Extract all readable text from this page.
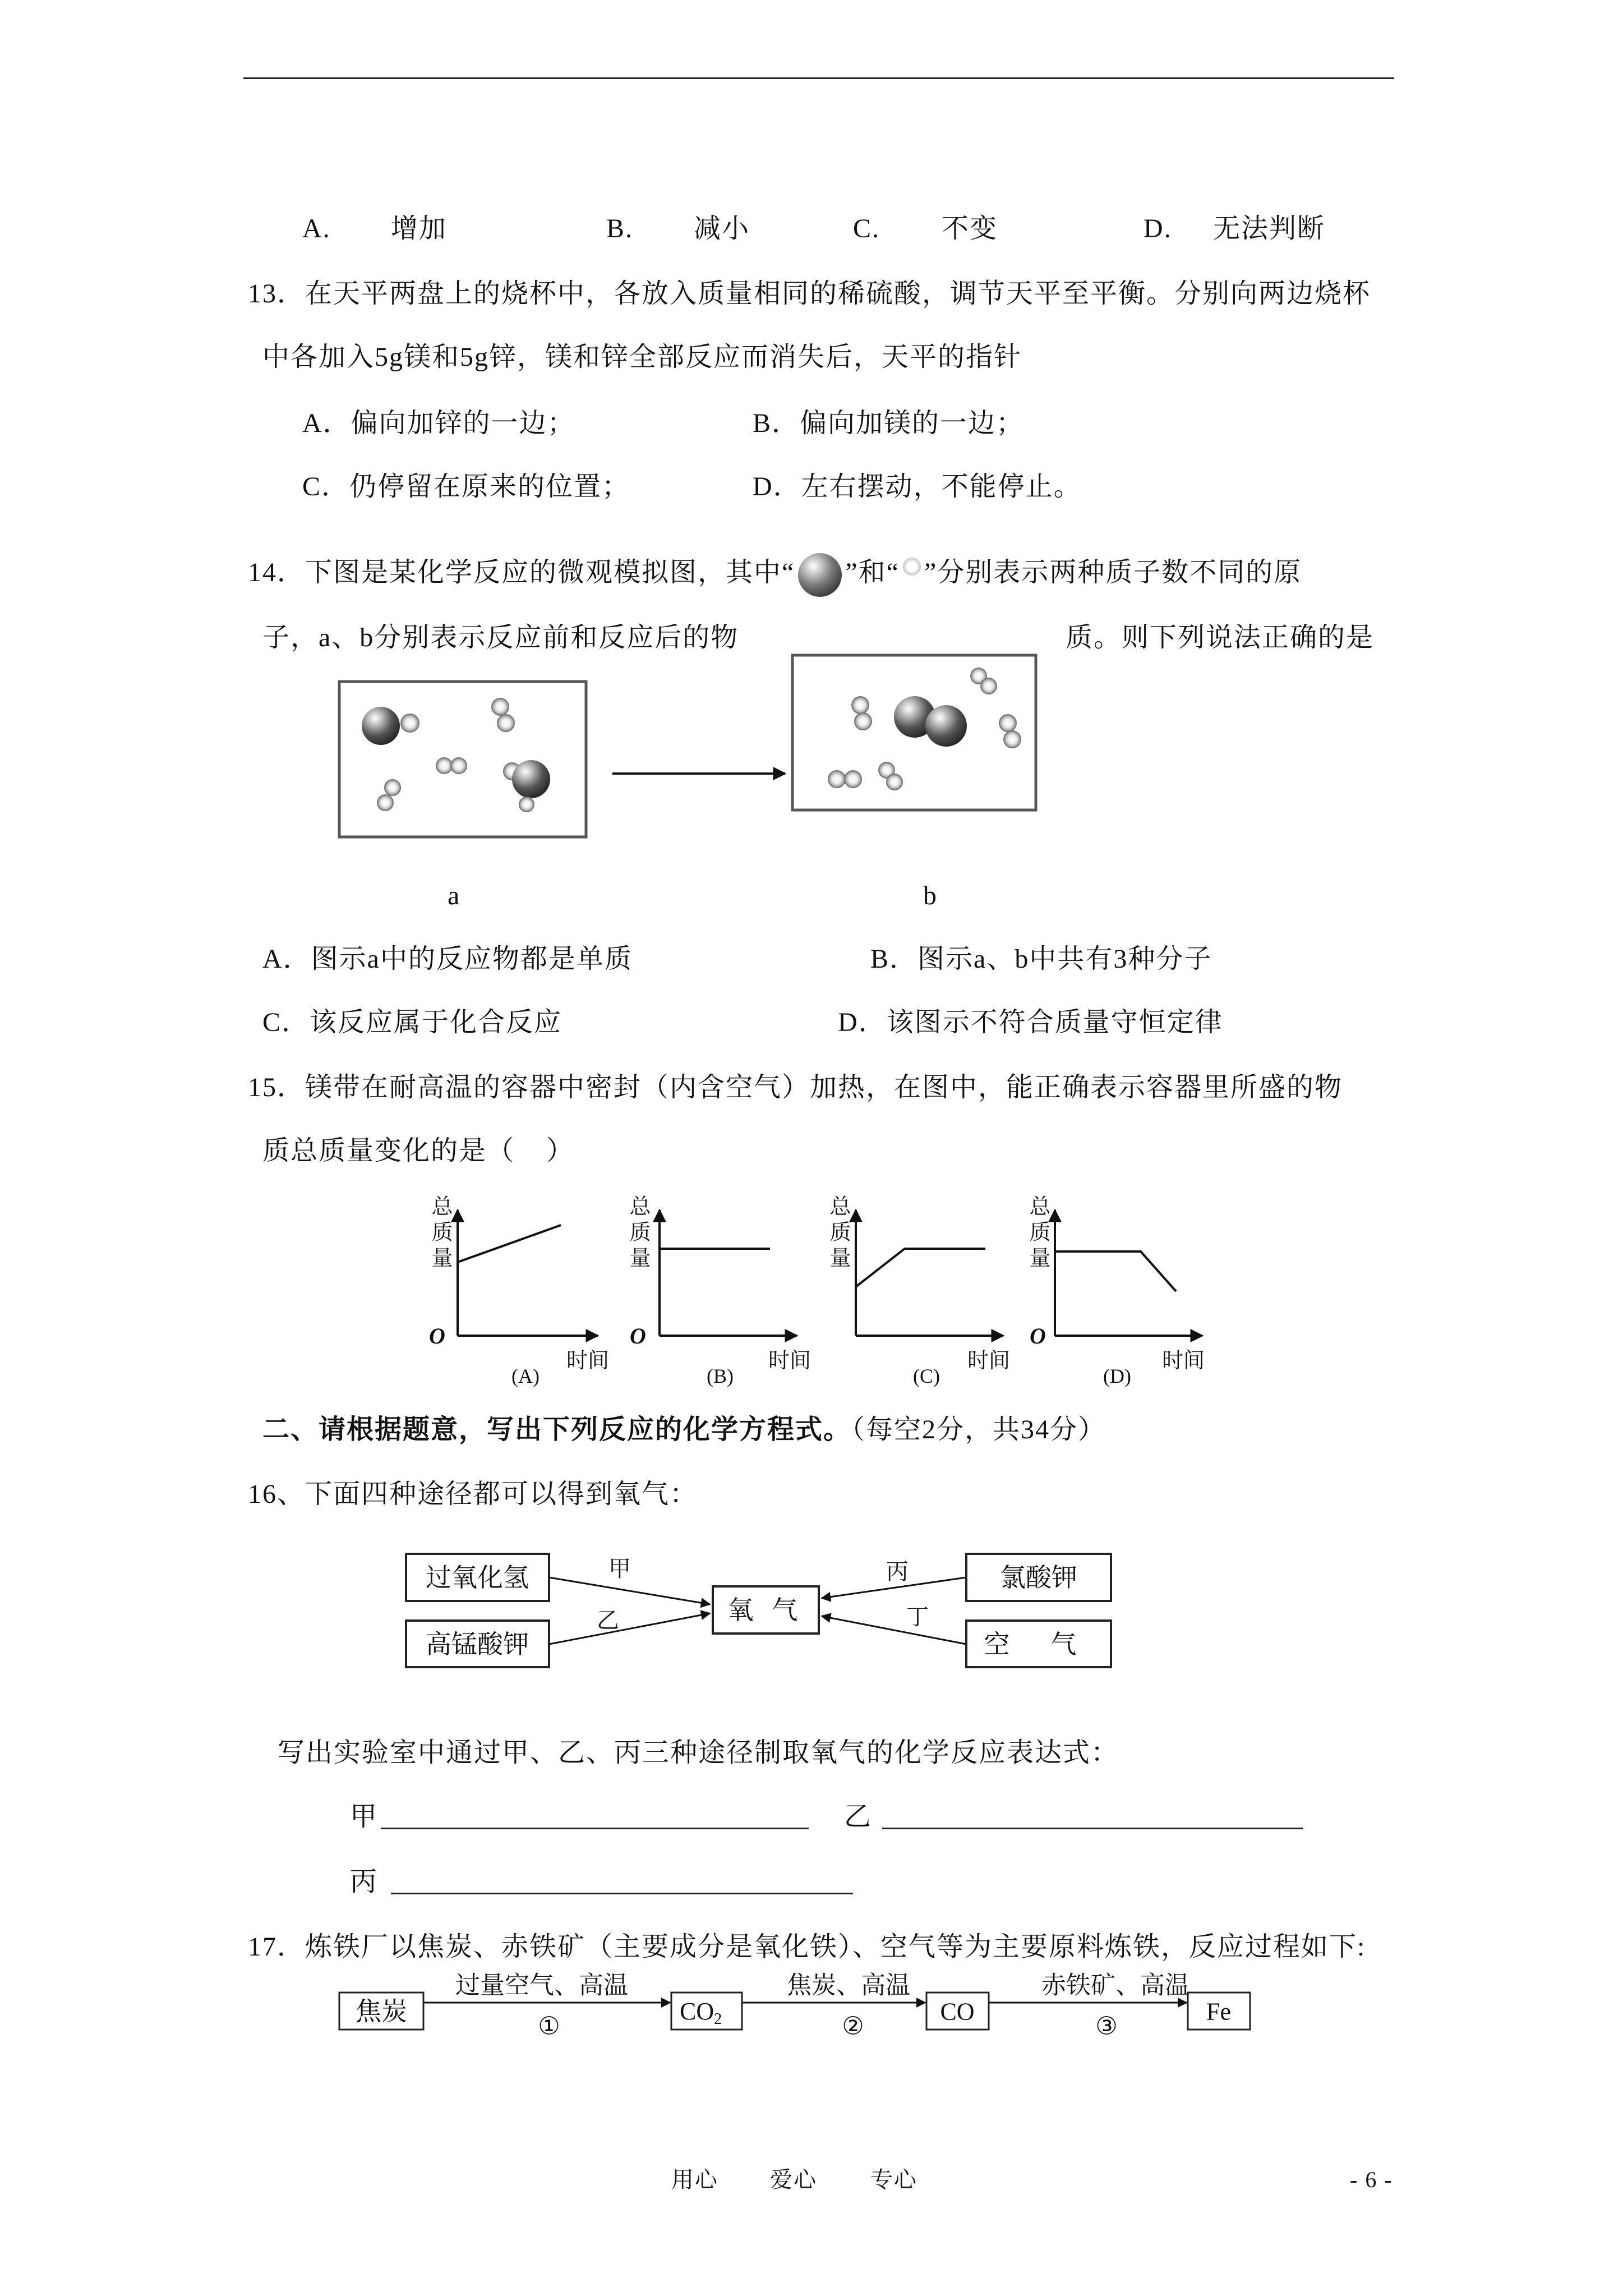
A. 增加	B. 减小	C. 不变	D. 无法判断
13．在天平两盘上的烧杯中，各放入质量相同的稀硫酸，调节天平至平衡。分别向两边烧杯
中各加入5g镁和5g锌，镁和锌全部反应而消失后，天平的指针
A．偏向加锌的一边；	B．偏向加镁的一边；
C．仍停留在原来的位置；	D．左右摆动，不能停止。
14．下图是某化学反应的微观模拟图，其中“ ”和“ ”分别表示两种质子数不同的原
子，a、b分别表示反应前和反应后的物	质。则下列说法正确的是
a	b
A．图示a中的反应物都是单质	B．图示a、b中共有3种分子
C．该反应属于化合反应	D．该图示不符合质量守恒定律
15．镁带在耐高温的容器中密封（内含空气）加热，在图中，能正确表示容器里所盛的物
质总质量变化的是（    ）
总质量
O
时间
(A)
总质量
O
时间
(B)
总质量
时间
(C)
总质量
O
时间
(D)
二、请根据题意，写出下列反应的化学方程式。（每空2分，共34分）
16、下面四种途径都可以得到氧气：
过氧化氢
高锰酸钾
氧 气
氯酸钾
空 气
甲
乙
丙
丁
写出实验室中通过甲、乙、丙三种途径制取氧气的化学反应表达式：
甲	乙
丙
17．炼铁厂以焦炭、赤铁矿（主要成分是氧化铁）、空气等为主要原料炼铁，反应过程如下:
焦炭	CO2	CO	Fe
过量空气、高温
①
焦炭、高温
②
赤铁矿、高温
③
用心 爱心 专心	- 6 -
